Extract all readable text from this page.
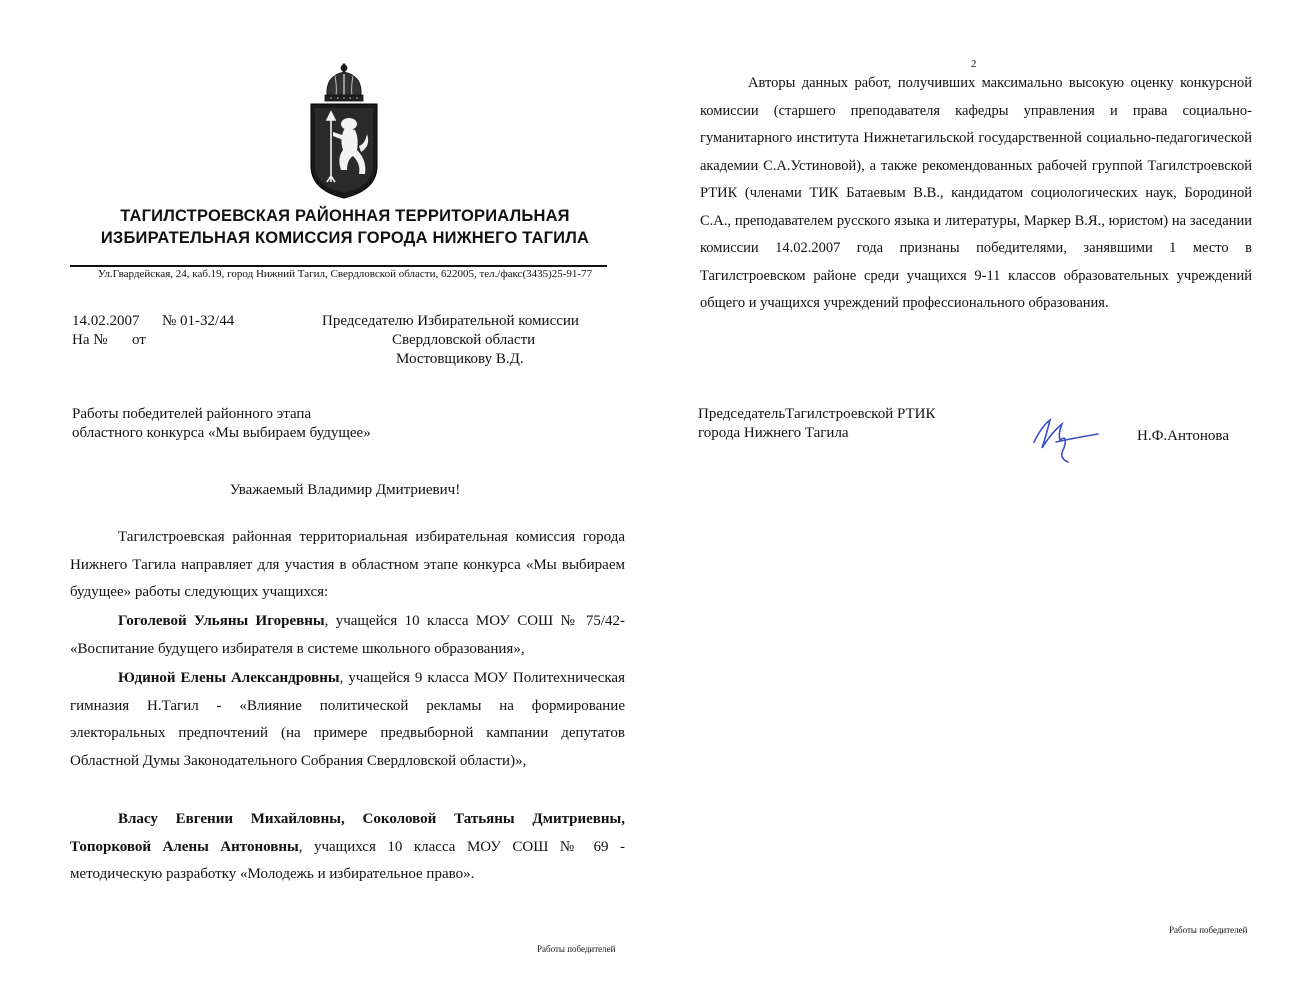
ТАГИЛСТРОЕВСКАЯ РАЙОННАЯ ТЕРРИТОРИАЛЬНАЯ
ИЗБИРАТЕЛЬНАЯ КОМИССИЯ ГОРОДА НИЖНЕГО ТАГИЛА
Ул.Гвардейская, 24, каб.19, город Нижний Тагил, Свердловской области, 622005, тел./факс(3435)25-91-77
14.02.2007 № 01-32/44
На № от
Председателю Избирательной комиссии
Свердловской области
Мостовщикову В.Д.
Работы победителей районного этапа
областного конкурса «Мы выбираем будущее»
Уважаемый Владимир Дмитриевич!
Тагилстроевская районная территориальная избирательная комиссия города Нижнего Тагила направляет для участия в областном этапе конкурса «Мы выбираем будущее» работы следующих учащихся:
Гоголевой Ульяны Игоревны, учащейся 10 класса МОУ СОШ № 75/42- «Воспитание будущего избирателя в системе школьного образования»,
Юдиной Елены Александровны, учащейся 9 класса МОУ Политехническая гимназия Н.Тагил - «Влияние политической рекламы на формирование электоральных предпочтений (на примере предвыборной кампании депутатов Областной Думы Законодательного Собрания Свердловской области)»,
Власу Евгении Михайловны, Соколовой Татьяны Дмитриевны, Топорковой Алены Антоновны, учащихся 10 класса МОУ СОШ № 69 - методическую разработку «Молодежь и избирательное право».
Работы победителей
2
Авторы данных работ, получивших максимально высокую оценку конкурсной комиссии (старшего преподавателя кафедры управления и права социально-гуманитарного института Нижнетагильской государственной социально-педагогической академии С.А.Устиновой), а также рекомендованных рабочей группой Тагилстроевской РТИК (членами ТИК Батаевым В.В., кандидатом социологических наук, Бородиной С.А., преподавателем русского языка и литературы, Маркер В.Я., юристом) на заседании комиссии 14.02.2007 года признаны победителями, занявшими 1 место в Тагилстроевском районе среди учащихся 9-11 классов образовательных учреждений общего и учащихся учреждений профессионального образования.
ПредседательТагилстроевской РТИК
города Нижнего Тагила	Н.Ф.Антонова
Работы победителей
